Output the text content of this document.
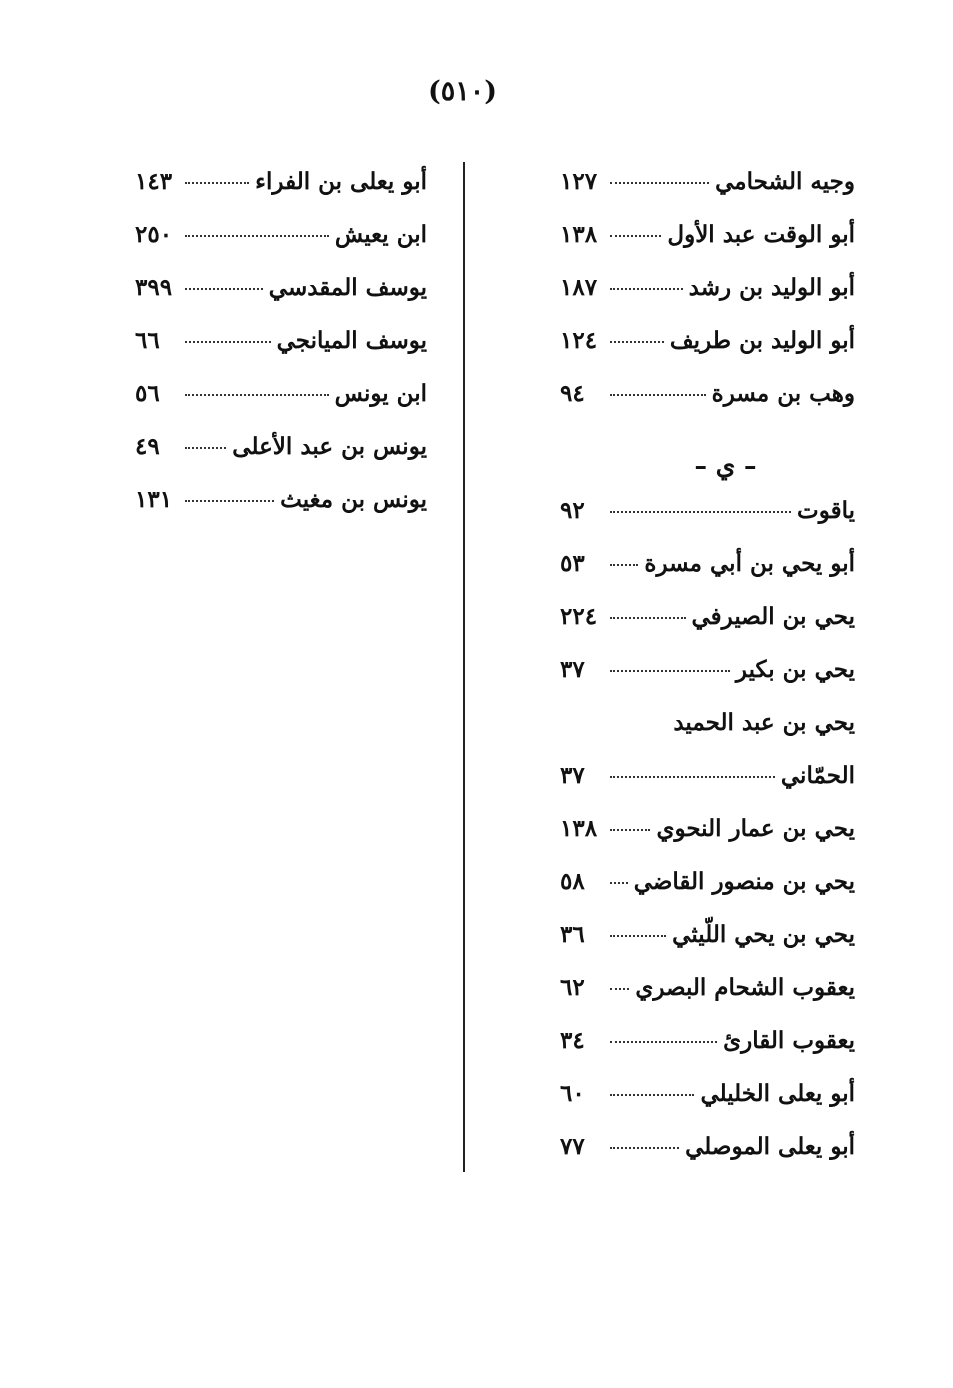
(٥١٠)
وجيه الشحامي
١٢٧
أبو الوقت عبد الأول
١٣٨
أبو الوليد بن رشد
١٨٧
أبو الوليد بن طريف
١٢٤
وهب بن مسرة
٩٤
– ي –
ياقوت
٩٢
أبو يحي بن أبي مسرة
٥٣
يحي بن الصيرفي
٢٢٤
يحي بن بكير
٣٧
يحي بن عبد الحميد
الحمّاني
٣٧
يحي بن عمار النحوي
١٣٨
يحي بن منصور القاضي
٥٨
يحي بن يحي اللّيثي
٣٦
يعقوب الشحام البصري
٦٢
يعقوب القارئ
٣٤
أبو يعلى الخليلي
٦٠
أبو يعلى الموصلي
٧٧
أبو يعلى بن الفراء
١٤٣
ابن يعيش
٢٥٠
يوسف المقدسي
٣٩٩
يوسف الميانجي
٦٦
ابن يونس
٥٦
يونس بن عبد الأعلى
٤٩
يونس بن مغيث
١٣١
